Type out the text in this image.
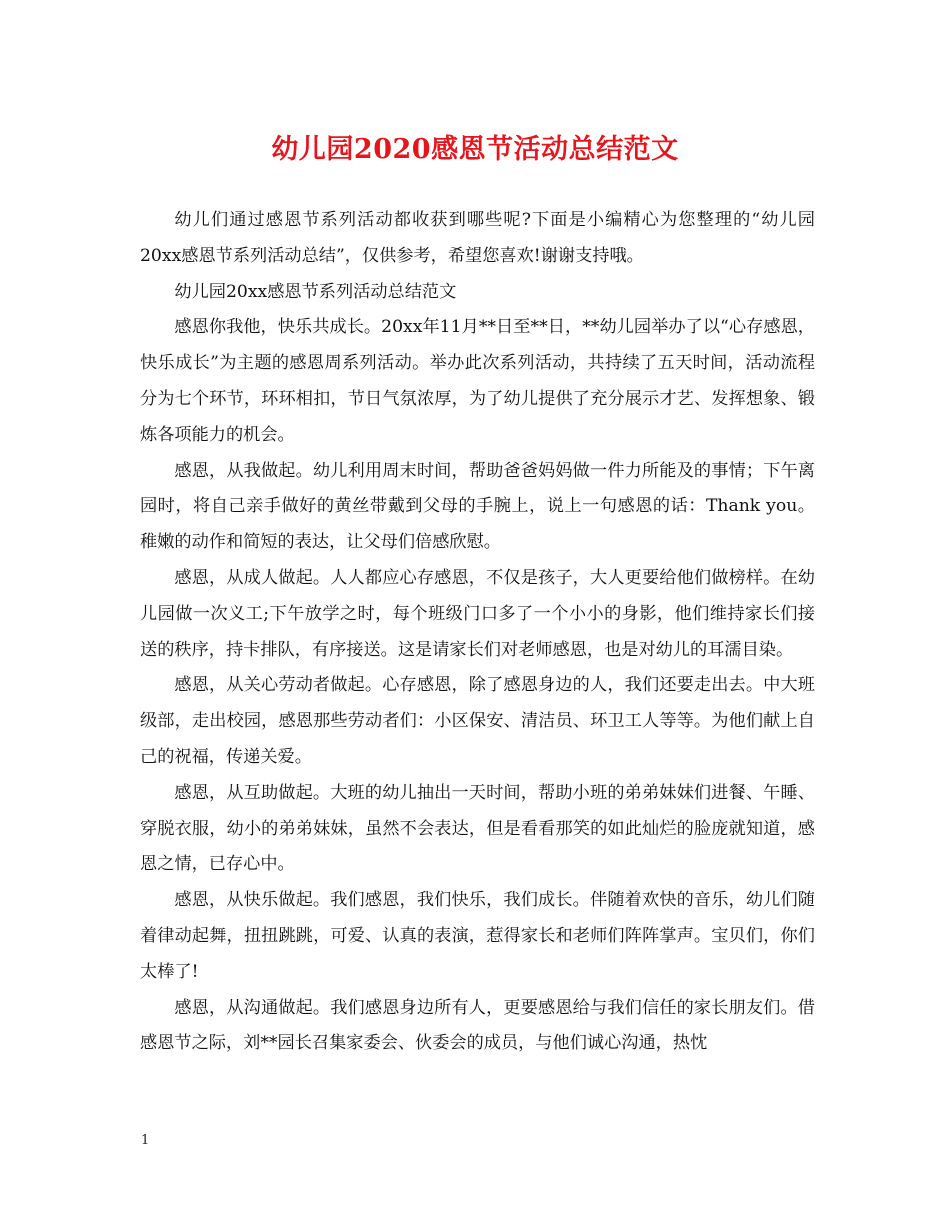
幼儿园2020感恩节活动总结范文

幼儿们通过感恩节系列活动都收获到哪些呢?下面是小编精心为您整理的“幼儿园20xx感恩节系列活动总结”，仅供参考，希望您喜欢!谢谢支持哦。

幼儿园20xx感恩节系列活动总结范文

感恩你我他，快乐共成长。20xx年11月**日至**日，**幼儿园举办了以“心存感恩，快乐成长”为主题的感恩周系列活动。举办此次系列活动，共持续了五天时间，活动流程分为七个环节，环环相扣，节日气氛浓厚，为了幼儿提供了充分展示才艺、发挥想象、锻炼各项能力的机会。

感恩，从我做起。幼儿利用周末时间，帮助爸爸妈妈做一件力所能及的事情；下午离园时，将自己亲手做好的黄丝带戴到父母的手腕上，说上一句感恩的话：Thank you。稚嫩的动作和简短的表达，让父母们倍感欣慰。

感恩，从成人做起。人人都应心存感恩，不仅是孩子，大人更要给他们做榜样。在幼儿园做一次义工;下午放学之时，每个班级门口多了一个小小的身影，他们维持家长们接送的秩序，持卡排队，有序接送。这是请家长们对老师感恩，也是对幼儿的耳濡目染。

感恩，从关心劳动者做起。心存感恩，除了感恩身边的人，我们还要走出去。中大班级部，走出校园，感恩那些劳动者们：小区保安、清洁员、环卫工人等等。为他们献上自己的祝福，传递关爱。

感恩，从互助做起。大班的幼儿抽出一天时间，帮助小班的弟弟妹妹们进餐、午睡、穿脱衣服，幼小的弟弟妹妹，虽然不会表达，但是看看那笑的如此灿烂的脸庞就知道，感恩之情，已存心中。

感恩，从快乐做起。我们感恩，我们快乐，我们成长。伴随着欢快的音乐，幼儿们随着律动起舞，扭扭跳跳，可爱、认真的表演，惹得家长和老师们阵阵掌声。宝贝们，你们太棒了!

感恩，从沟通做起。我们感恩身边所有人，更要感恩给与我们信任的家长朋友们。借感恩节之际，刘**园长召集家委会、伙委会的成员，与他们诚心沟通，热忱

1
